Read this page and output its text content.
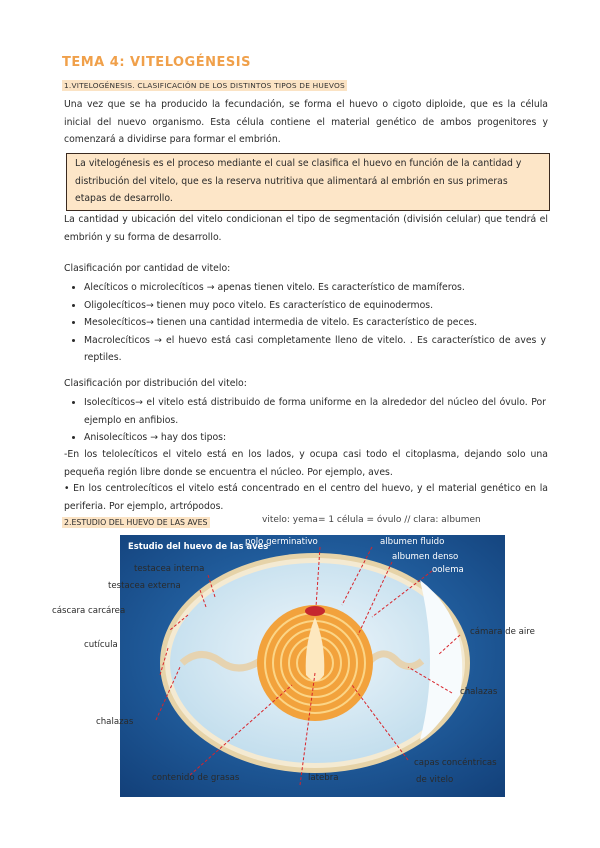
TEMA 4: VITELOGÉNESIS
1.VITELOGÉNESIS. CLASIFICACIÓN DE LOS DISTINTOS TIPOS DE HUEVOS
Una vez que se ha producido la fecundación, se forma el huevo o cigoto diploide, que es la célula inicial del nuevo organismo. Esta célula contiene el material genético de ambos progenitores y comenzará a dividirse para formar el embrión.
La vitelogénesis es el proceso mediante el cual se clasifica el huevo en función de la cantidad y distribución del vitelo, que es la reserva nutritiva que alimentará al embrión en sus primeras etapas de desarrollo.
La cantidad y ubicación del vitelo condicionan el tipo de segmentación (división celular) que tendrá el embrión y su forma de desarrollo.
Clasificación por cantidad de vitelo:
• Alecíticos o microlecíticos → apenas tienen vitelo. Es característico de mamíferos.
• Oligolecíticos→ tienen muy poco vitelo. Es característico de equinodermos.
• Mesolecíticos→ tienen una cantidad intermedia de vitelo. Es característico de peces.
• Macrolecíticos → el huevo está casi completamente lleno de vitelo. . Es característico de aves y reptiles.
Clasificación por distribución del vitelo:
• Isolecíticos→ el vitelo está distribuido de forma uniforme en la alrededor del núcleo del óvulo. Por ejemplo en anfibios.
• Anisolecíticos → hay dos tipos:
-En los telolecíticos el vitelo está en los lados, y ocupa casi todo el citoplasma, dejando solo una pequeña región libre donde se encuentra el núcleo. Por ejemplo, aves.
• En los centrolecíticos el vitelo está concentrado en el centro del huevo, y el material genético en la periferia. Por ejemplo, artrópodos.
2.ESTUDIO DEL HUEVO DE LAS AVES	vitelo: yema= 1 célula = óvulo // clara: albumen
Estudio del huevo de las aves
polo germinativo	albumen fluido
albumen denso
oolema
testacea interna
testacea externa
cáscara carcárea
cutícula
cámara de aire
chalazas
chalazas
contenido de grasas	latebra
capas concéntricas
de vitelo
